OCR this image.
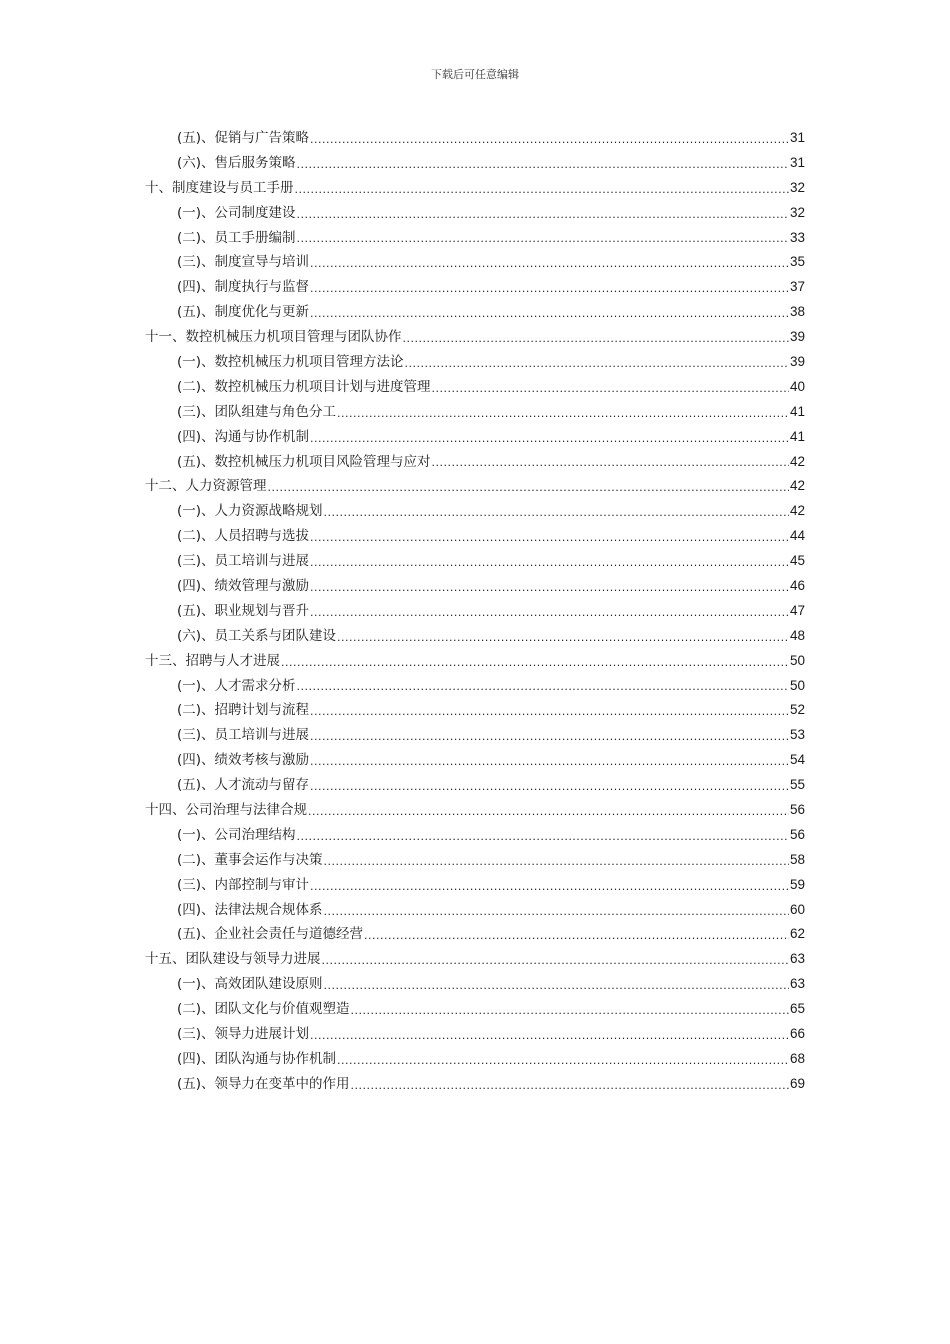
下载后可任意编辑
(五)、促销与广告策略 .....	31
(六)、售后服务策略 .....	31
十、制度建设与员工手册 .....	32
(一)、公司制度建设 .....	32
(二)、员工手册编制 .....	33
(三)、制度宣导与培训 .....	35
(四)、制度执行与监督 .....	37
(五)、制度优化与更新 .....	38
十一、数控机械压力机项目管理与团队协作 .....	39
(一)、数控机械压力机项目管理方法论 .....	39
(二)、数控机械压力机项目计划与进度管理 .....	40
(三)、团队组建与角色分工 .....	41
(四)、沟通与协作机制 .....	41
(五)、数控机械压力机项目风险管理与应对 .....	42
十二、人力资源管理 .....	42
(一)、人力资源战略规划 .....	42
(二)、人员招聘与选拔 .....	44
(三)、员工培训与进展 .....	45
(四)、绩效管理与激励 .....	46
(五)、职业规划与晋升 .....	47
(六)、员工关系与团队建设 .....	48
十三、招聘与人才进展 .....	50
(一)、人才需求分析 .....	50
(二)、招聘计划与流程 .....	52
(三)、员工培训与进展 .....	53
(四)、绩效考核与激励 .....	54
(五)、人才流动与留存 .....	55
十四、公司治理与法律合规 .....	56
(一)、公司治理结构 .....	56
(二)、董事会运作与决策 .....	58
(三)、内部控制与审计 .....	59
(四)、法律法规合规体系 .....	60
(五)、企业社会责任与道德经营 .....	62
十五、团队建设与领导力进展 .....	63
(一)、高效团队建设原则 .....	63
(二)、团队文化与价值观塑造 .....	65
(三)、领导力进展计划 .....	66
(四)、团队沟通与协作机制 .....	68
(五)、领导力在变革中的作用 .....	69
